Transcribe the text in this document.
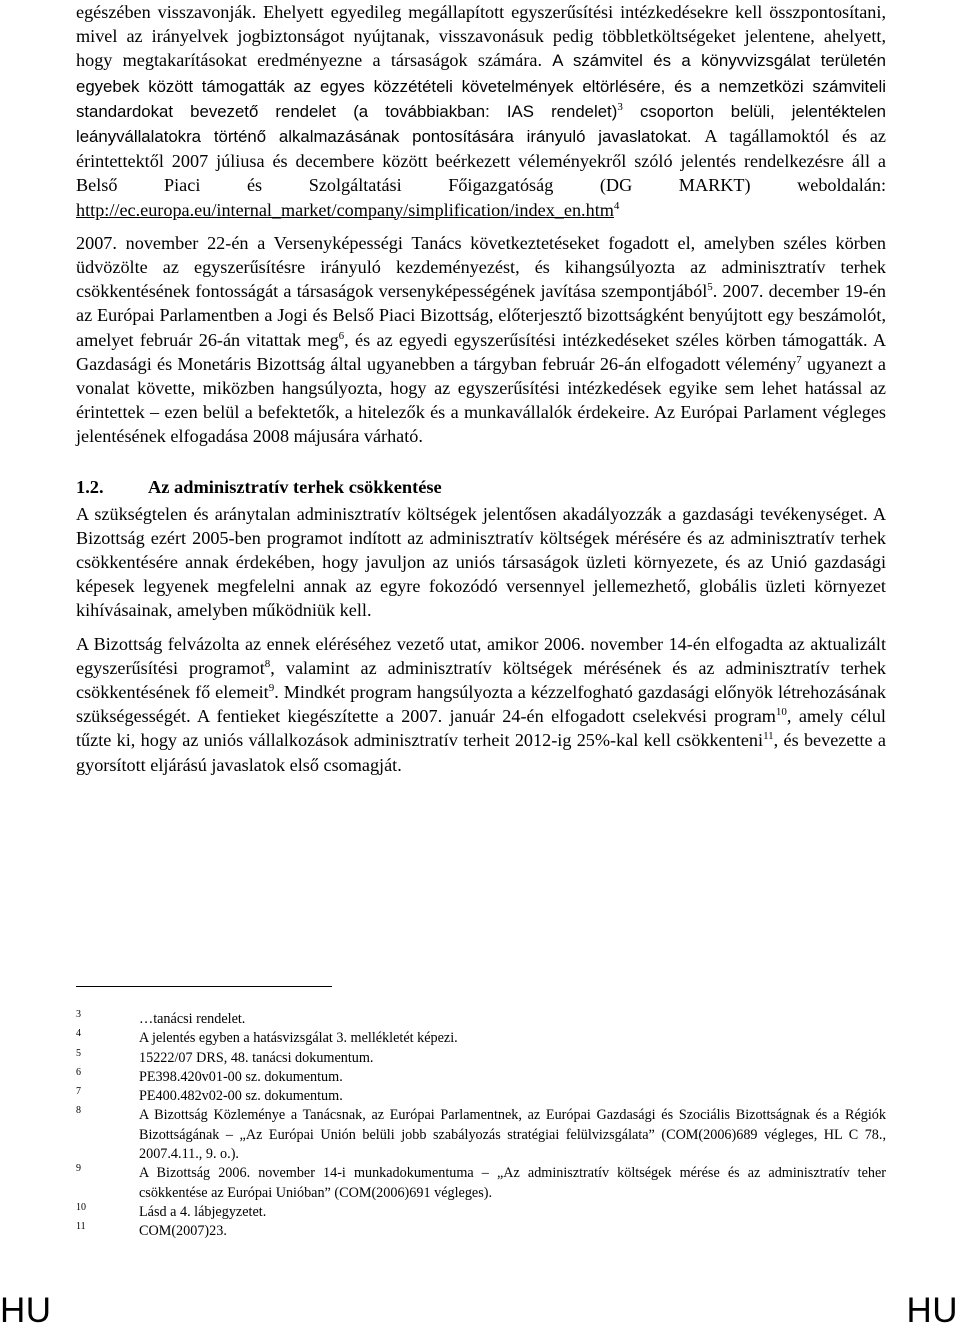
egészében visszavonják. Ehelyett egyedileg megállapított egyszerűsítési intézkedésekre kell összpontosítani, mivel az irányelvek jogbiztonságot nyújtanak, visszavonásuk pedig többletköltségeket jelentene, ahelyett, hogy megtakarításokat eredményezne a társaságok számára. A számvitel és a könyvvizsgálat területén egyebek között támogatták az egyes közzétételi követelmények eltörlésére, és a nemzetközi számviteli standardokat bevezető rendelet (a továbbiakban: IAS rendelet)$^3$ csoporton belüli, jelentéktelen leányvállalatokra történő alkalmazásának pontosítására irányuló javaslatokat. A tagállamoktól és az érintettektől 2007 júliusa és decembere között beérkezett véleményekről szóló jelentés rendelkezésre áll a Belső Piaci és Szolgáltatási Főigazgatóság (DG MARKT) weboldalán: http://ec.europa.eu/internal_market/company/simplification/index_en.htm$^4$

2007. november 22-én a Versenyképességi Tanács következtetéseket fogadott el, amelyben széles körben üdvözölte az egyszerűsítésre irányuló kezdeményezést, és kihangsúlyozta az adminisztratív terhek csökkentésének fontosságát a társaságok versenyképességének javítása szempontjából$^5$. 2007. december 19-én az Európai Parlamentben a Jogi és Belső Piaci Bizottság, előterjesztő bizottságként benyújtott egy beszámolót, amelyet február 26-án vitattak meg$^6$, és az egyedi egyszerűsítési intézkedéseket széles körben támogatták. A Gazdasági és Monetáris Bizottság által ugyanebben a tárgyban február 26-án elfogadott vélemény$^7$ ugyanezt a vonalat követte, miközben hangsúlyozta, hogy az egyszerűsítési intézkedések egyike sem lehet hatással az érintettek – ezen belül a befektetők, a hitelezők és a munkavállalók érdekeire. Az Európai Parlament végleges jelentésének elfogadása 2008 májusára várható.

1.2.	Az adminisztratív terhek csökkentése

A szükségtelen és aránytalan adminisztratív költségek jelentősen akadályozzák a gazdasági tevékenységet. A Bizottság ezért 2005-ben programot indított az adminisztratív költségek mérésére és az adminisztratív terhek csökkentésére annak érdekében, hogy javuljon az uniós társaságok üzleti környezete, és az Unió gazdasági képesek legyenek megfelelni annak az egyre fokozódó versennyel jellemezhető, globális üzleti környezet kihívásainak, amelyben működniük kell.

A Bizottság felvázolta az ennek eléréséhez vezető utat, amikor 2006. november 14-én elfogadta az aktualizált egyszerűsítési programot$^8$, valamint az adminisztratív költségek mérésének és az adminisztratív terhek csökkentésének fő elemeit$^9$. Mindkét program hangsúlyozta a kézzelfogható gazdasági előnyök létrehozásának szükségességét. A fentieket kiegészítette a 2007. január 24-én elfogadott cselekvési program$^{10}$, amely célul tűzte ki, hogy az uniós vállalkozások adminisztratív terheit 2012-ig 25%-kal kell csökkenteni$^{11}$, és bevezette a gyorsított eljárású javaslatok első csomagját.

3	…tanácsi rendelet.
4	A jelentés egyben a hatásvizsgálat 3. mellékletét képezi.
5	15222/07 DRS, 48. tanácsi dokumentum.
6	PE398.420v01-00 sz. dokumentum.
7	PE400.482v02-00 sz. dokumentum.
8	A Bizottság Közleménye a Tanácsnak, az Európai Parlamentnek, az Európai Gazdasági és Szociális Bizottságnak és a Régiók Bizottságának – „Az Európai Unión belüli jobb szabályozás stratégiai felülvizsgálata” (COM(2006)689 végleges, HL C 78., 2007.4.11., 9. o.).
9	A Bizottság 2006. november 14-i munkadokumentuma – „Az adminisztratív költségek mérése és az adminisztratív teher csökkentése az Európai Unióban” (COM(2006)691 végleges).
10	Lásd a 4. lábjegyzetet.
11	COM(2007)23.
HU	HU
